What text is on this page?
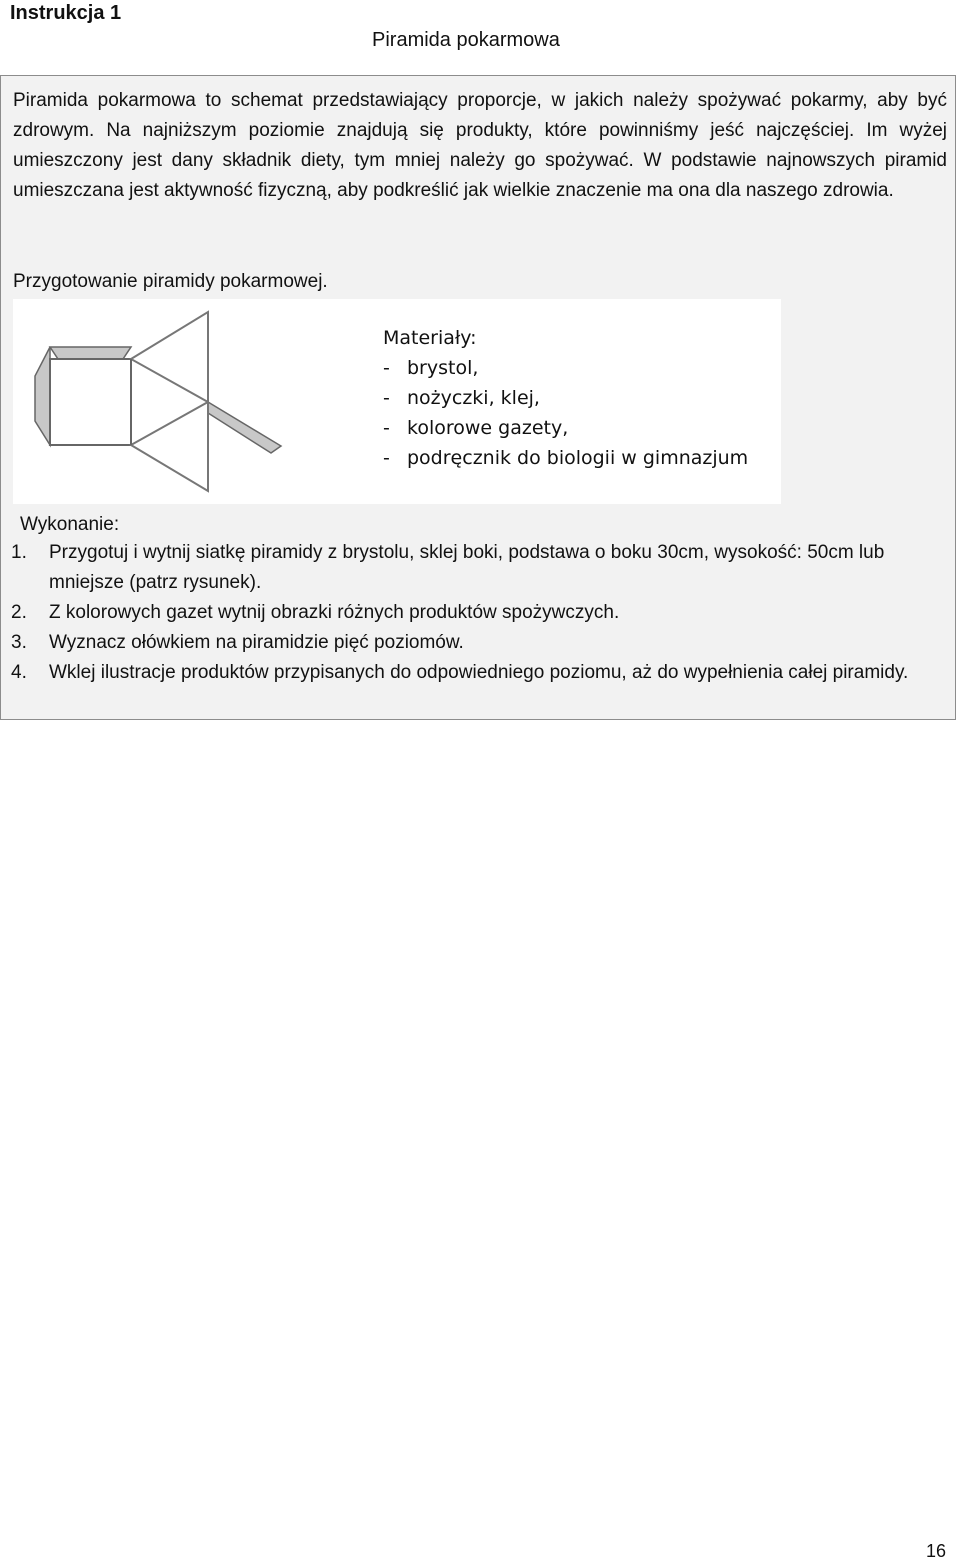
Instrukcja 1
Piramida pokarmowa

Piramida pokarmowa to schemat przedstawiający proporcje, w jakich należy spożywać pokarmy, aby być zdrowym. Na najniższym poziomie znajdują się produkty, które powinniśmy jeść najczęściej. Im wyżej umieszczony jest dany składnik diety, tym mniej należy go spożywać. W podstawie najnowszych piramid umieszczana jest aktywność fizyczną, aby podkreślić jak wielkie znaczenie ma ona dla naszego zdrowia.

Przygotowanie piramidy pokarmowej.
Materiały:
- brystol,
- nożyczki, klej,
- kolorowe gazety,
- podręcznik do biologii w gimnazjum
Wykonanie:
1.	Przygotuj i wytnij siatkę piramidy z brystolu, sklej boki, podstawa o boku 30cm, wysokość: 50cm lub mniejsze (patrz rysunek).
2.	Z kolorowych gazet wytnij obrazki różnych produktów spożywczych.
3.	Wyznacz ołówkiem na piramidzie pięć poziomów.
4.	Wklej ilustracje produktów przypisanych do odpowiedniego poziomu, aż do wypełnienia całej piramidy.
16
